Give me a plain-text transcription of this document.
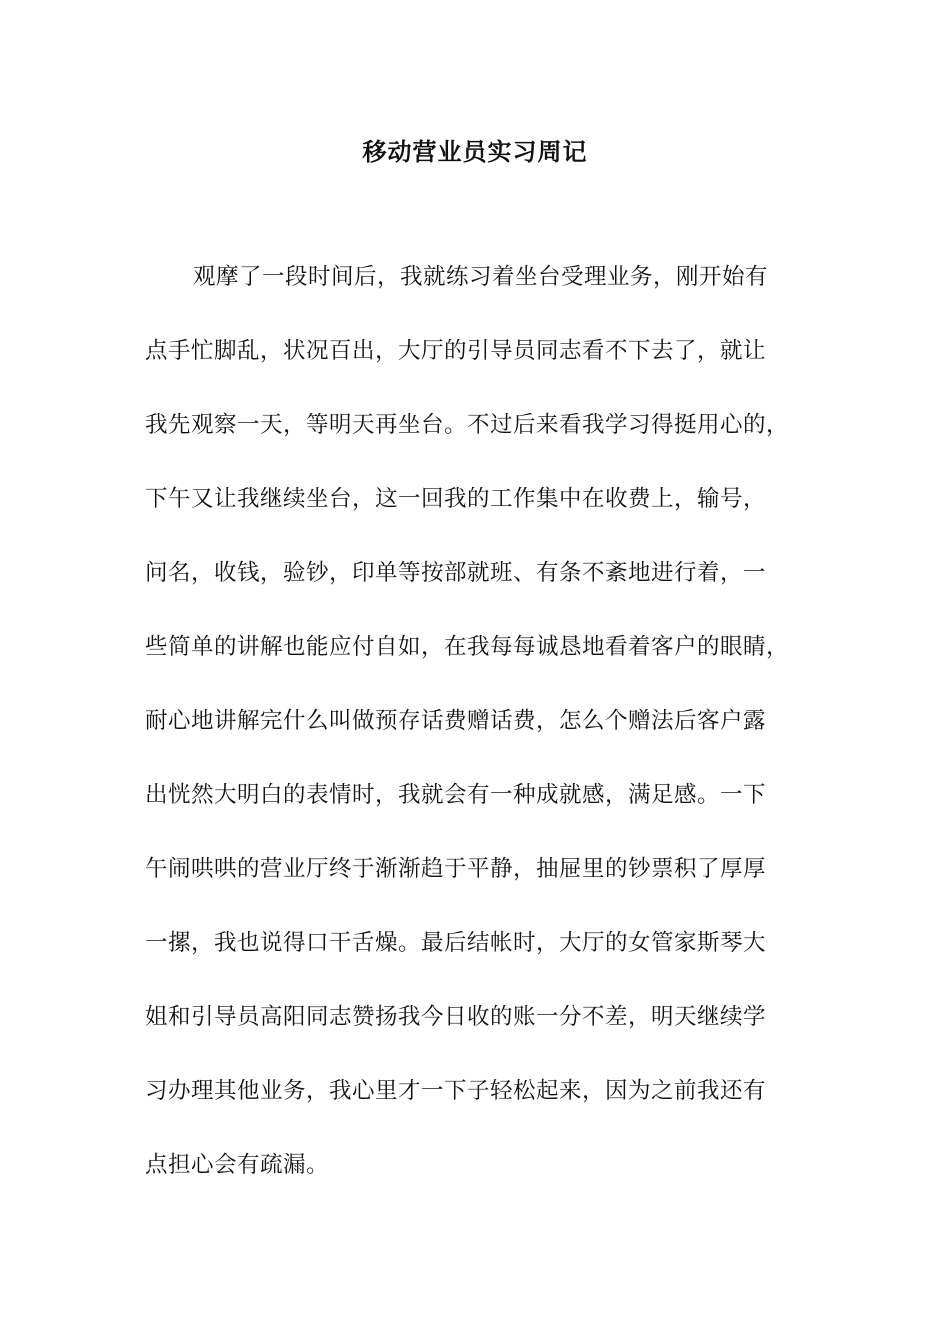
移动营业员实习周记
观摩了一段时间后，我就练习着坐台受理业务，刚开始有
点手忙脚乱，状况百出，大厅的引导员同志看不下去了，就让
我先观察一天，等明天再坐台。不过后来看我学习得挺用心的，
下午又让我继续坐台，这一回我的工作集中在收费上，输号，
问名，收钱，验钞，印单等按部就班、有条不紊地进行着，一
些简单的讲解也能应付自如，在我每每诚恳地看着客户的眼睛，
耐心地讲解完什么叫做预存话费赠话费，怎么个赠法后客户露
出恍然大明白的表情时，我就会有一种成就感，满足感。一下
午闹哄哄的营业厅终于渐渐趋于平静，抽屉里的钞票积了厚厚
一摞，我也说得口干舌燥。最后结帐时，大厅的女管家斯琴大
姐和引导员高阳同志赞扬我今日收的账一分不差，明天继续学
习办理其他业务，我心里才一下子轻松起来，因为之前我还有
点担心会有疏漏。
